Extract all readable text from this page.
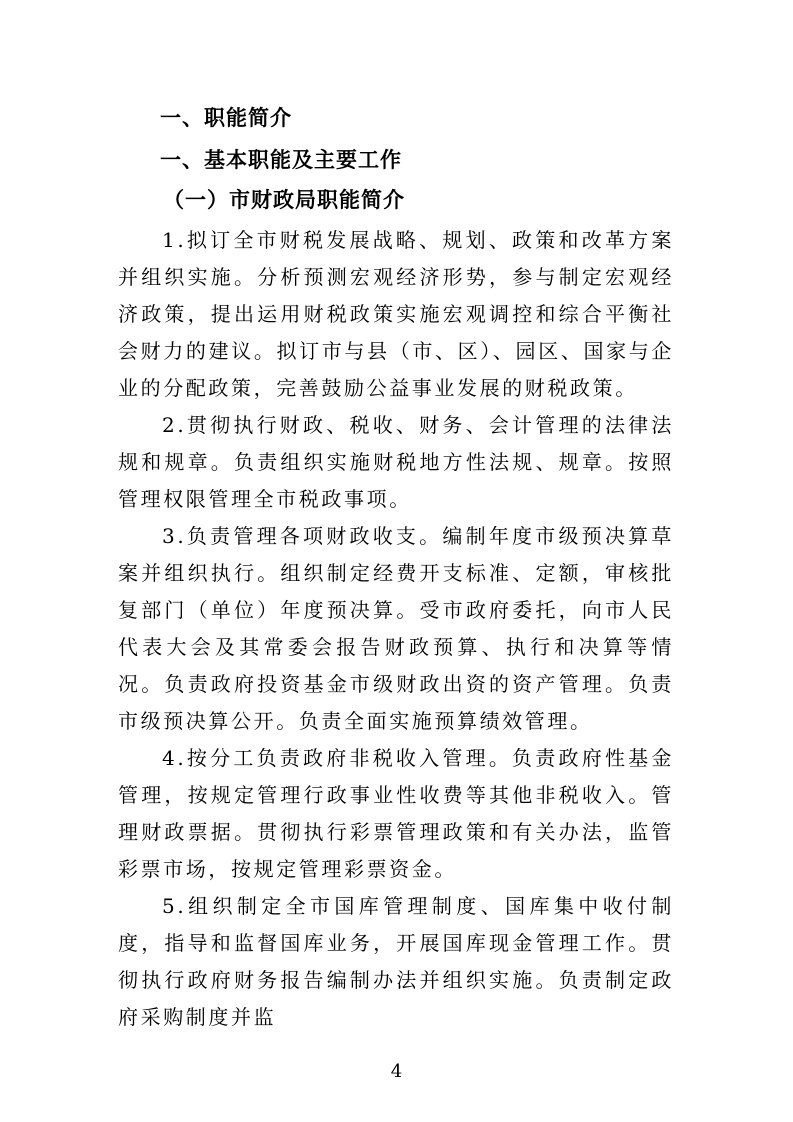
一、职能简介
一、基本职能及主要工作
（一）市财政局职能简介

1.拟订全市财税发展战略、规划、政策和改革方案并组织实施。分析预测宏观经济形势，参与制定宏观经济政策，提出运用财税政策实施宏观调控和综合平衡社会财力的建议。拟订市与县（市、区）、园区、国家与企业的分配政策，完善鼓励公益事业发展的财税政策。

2.贯彻执行财政、税收、财务、会计管理的法律法规和规章。负责组织实施财税地方性法规、规章。按照管理权限管理全市税政事项。

3.负责管理各项财政收支。编制年度市级预决算草案并组织执行。组织制定经费开支标准、定额，审核批复部门（单位）年度预决算。受市政府委托，向市人民代表大会及其常委会报告财政预算、执行和决算等情况。负责政府投资基金市级财政出资的资产管理。负责市级预决算公开。负责全面实施预算绩效管理。

4.按分工负责政府非税收入管理。负责政府性基金管理，按规定管理行政事业性收费等其他非税收入。管理财政票据。贯彻执行彩票管理政策和有关办法，监管彩票市场，按规定管理彩票资金。

5.组织制定全市国库管理制度、国库集中收付制度，指导和监督国库业务，开展国库现金管理工作。贯彻执行政府财务报告编制办法并组织实施。负责制定政府采购制度并监

4
